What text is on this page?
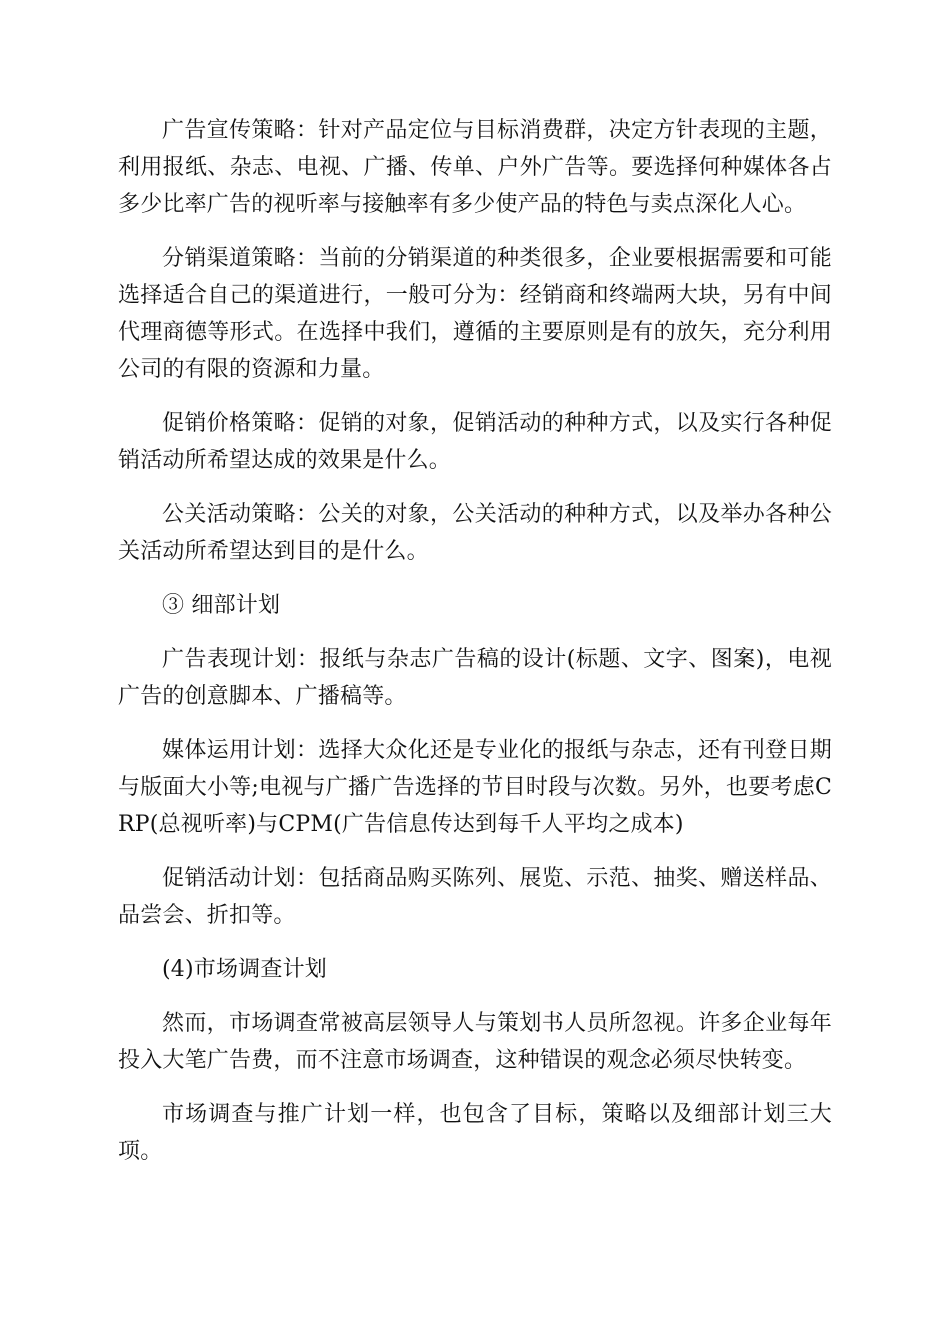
广告宣传策略：针对产品定位与目标消费群，决定方针表现的主题，利用报纸、杂志、电视、广播、传单、户外广告等。要选择何种媒体各占多少比率广告的视听率与接触率有多少使产品的特色与卖点深化人心。

分销渠道策略：当前的分销渠道的种类很多，企业要根据需要和可能选择适合自己的渠道进行，一般可分为：经销商和终端两大块，另有中间代理商德等形式。在选择中我们，遵循的主要原则是有的放矢，充分利用公司的有限的资源和力量。

促销价格策略：促销的对象，促销活动的种种方式，以及实行各种促销活动所希望达成的效果是什么。

公关活动策略：公关的对象，公关活动的种种方式，以及举办各种公关活动所希望达到目的是什么。

③ 细部计划

广告表现计划：报纸与杂志广告稿的设计(标题、文字、图案)，电视广告的创意脚本、广播稿等。

媒体运用计划：选择大众化还是专业化的报纸与杂志，还有刊登日期与版面大小等;电视与广播广告选择的节目时段与次数。另外，也要考虑CRP(总视听率)与CPM(广告信息传达到每千人平均之成本)

促销活动计划：包括商品购买陈列、展览、示范、抽奖、赠送样品、品尝会、折扣等。

(4)市场调查计划

然而，市场调查常被高层领导人与策划书人员所忽视。许多企业每年投入大笔广告费，而不注意市场调查，这种错误的观念必须尽快转变。

市场调查与推广计划一样，也包含了目标，策略以及细部计划三大项。
